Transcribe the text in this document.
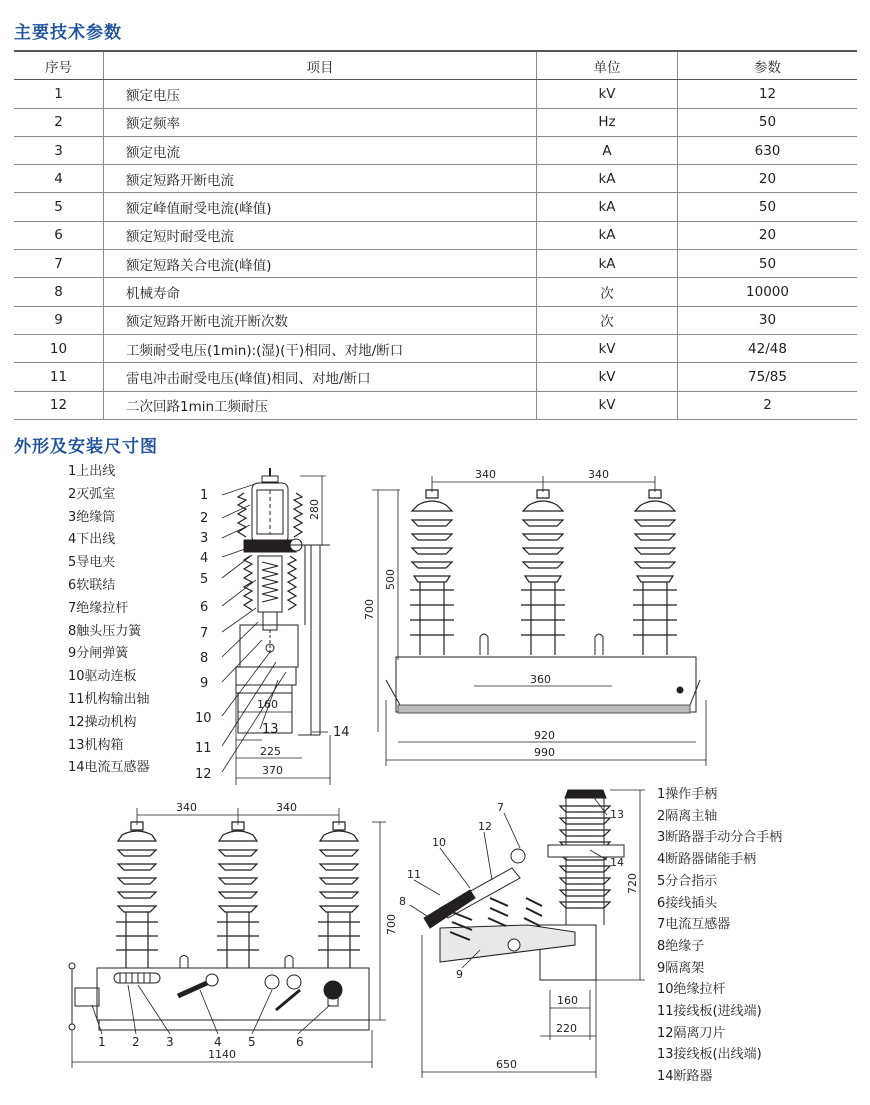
主要技术参数
序号	项目	单位	参数
1	额定电压	kV	12
2	额定频率	Hz	50
3	额定电流	A	630
4	额定短路开断电流	kA	20
5	额定峰值耐受电流(峰值)	kA	50
6	额定短时耐受电流	kA	20
7	额定短路关合电流(峰值)	kA	50
8	机械寿命	次	10000
9	额定短路开断电流开断次数	次	30
10	工频耐受电压(1min):(湿)(干)相同、对地/断口	kV	42/48
11	雷电冲击耐受电压(峰值)相同、对地/断口	kV	75/85
12	二次回路1min工频耐压	kV	2
外形及安装尺寸图
1上出线
2灭弧室
3绝缘筒
4下出线
5导电夹
6软联结
7绝缘拉杆
8触头压力簧
9分闸弹簧
10驱动连板
11机构输出轴
12操动机构
13机构箱
14电流互感器
1操作手柄
2隔离主轴
3断路器手动分合手柄
4断路器储能手柄
5分合指示
6接线插头
7电流互感器
8绝缘子
9隔离架
10绝缘拉杆
11接线板(进线端)
12隔离刀片
13接线板(出线端)
14断路器
1
2
3
4
5
6
7
8
9
10
11
12
13	14
280
160
225
370
340	340
500
700
360
920
990
340	340
700
1140
1 2 3	4 5	6
720
160
220
650
7
12
10
11
8
9
13
14
